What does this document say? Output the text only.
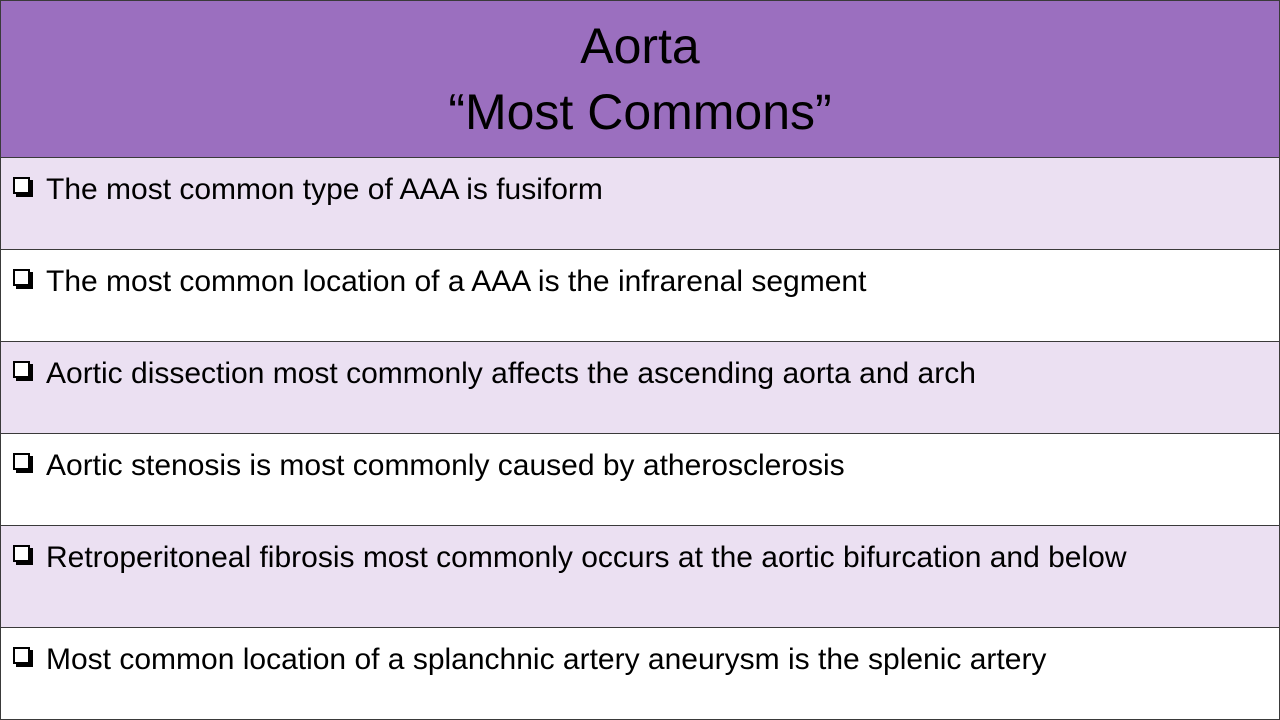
Aorta
“Most Commons”
The most common type of AAA is fusiform
The most common location of a AAA is the infrarenal segment
Aortic dissection most commonly affects the ascending aorta and arch
Aortic stenosis is most commonly caused by atherosclerosis
Retroperitoneal fibrosis most commonly occurs at the aortic bifurcation and below
Most common location of a splanchnic artery aneurysm is the splenic artery
